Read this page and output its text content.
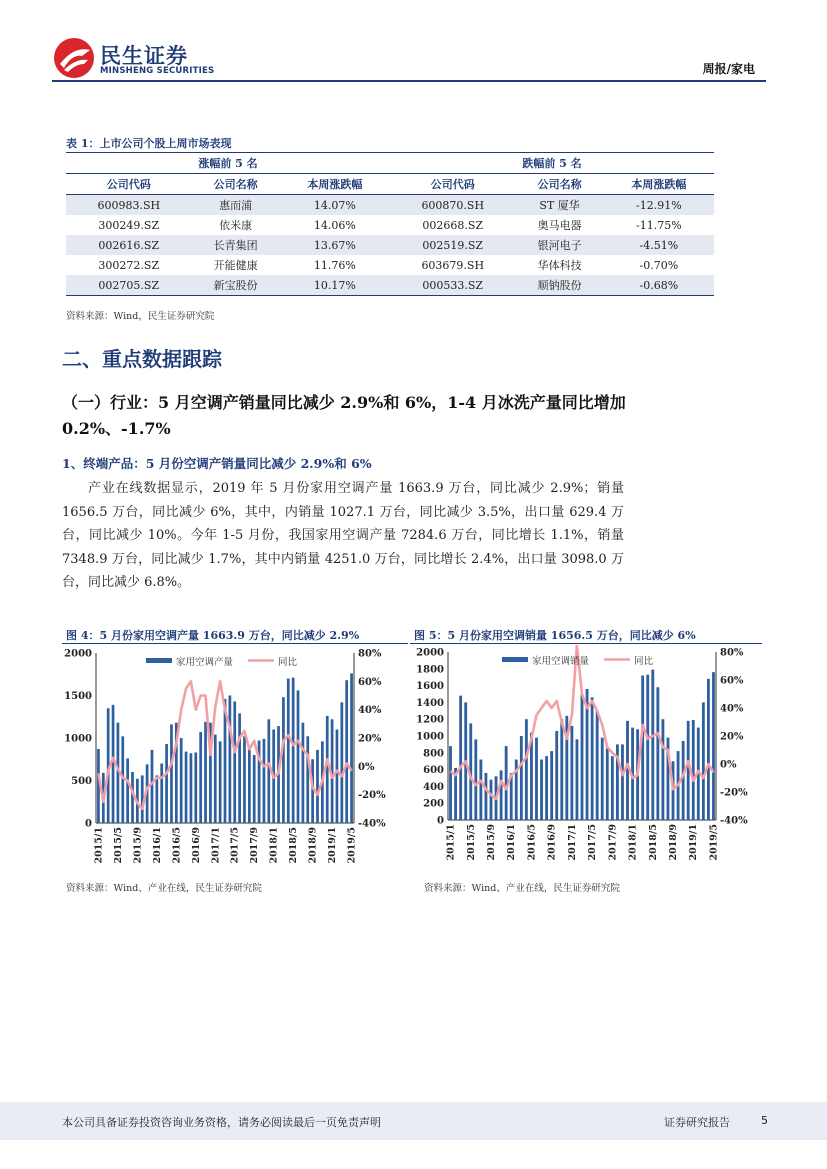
民生证券
MINSHENG SECURITIES	周报/家电
表 1：上市公司个股上周市场表现
涨幅前 5 名			跌幅前 5 名		
公司代码	公司名称	本周涨跌幅	公司代码	公司名称	本周涨跌幅
600983.SH	惠而浦	14.07%	600870.SH	ST 厦华	-12.91%
300249.SZ	依米康	14.06%	002668.SZ	奥马电器	-11.75%
002616.SZ	长青集团	13.67%	002519.SZ	银河电子	-4.51%
300272.SZ	开能健康	11.76%	603679.SH	华体科技	-0.70%
002705.SZ	新宝股份	10.17%	000533.SZ	顺钠股份	-0.68%
资料来源：Wind，民生证券研究院
二、重点数据跟踪
（一）行业：5 月空调产销量同比减少 2.9%和 6%，1-4 月冰洗产量同比增加 0.2%、-1.7%
1、终端产品：5 月份空调产销量同比减少 2.9%和 6%
产业在线数据显示，2019 年 5 月份家用空调产量 1663.9 万台，同比减少 2.9%；销量 1656.5 万台，同比减少 6%，其中，内销量 1027.1 万台，同比减少 3.5%，出口量 629.4 万台，同比减少 10%。今年 1-5 月份，我国家用空调产量 7284.6 万台，同比增长 1.1%，销量 7348.9 万台，同比减少 1.7%，其中内销量 4251.0 万台，同比增长 2.4%，出口量 3098.0 万台，同比减少 6.8%。
图 4：5 月份家用空调产量 1663.9 万台，同比减少 2.9%
0
500
1000
1500
2000
-40%
-20%
0%
20%
40%
60%
80%
2015/1 2015/5 2015/9 2016/1 2016/5 2016/9 2017/1 2017/5 2017/9 2018/1 2018/5 2018/9 2019/1 2019/5
家用空调产量	同比
资料来源：Wind、产业在线，民生证券研究院
图 5：5 月份家用空调销量 1656.5 万台，同比减少 6%
0
200
400
600
800
1000
1200
1400
1600
1800
2000
-40%
-20%
0%
20%
40%
60%
80%
2015/1 2015/5 2015/9 2016/1 2016/5 2016/9 2017/1 2017/5 2017/9 2018/1 2018/5 2018/9 2019/1 2019/5
家用空调销量	同比
资料来源：Wind、产业在线，民生证券研究院
本公司具备证券投资咨询业务资格，请务必阅读最后一页免责声明	证券研究报告	5
